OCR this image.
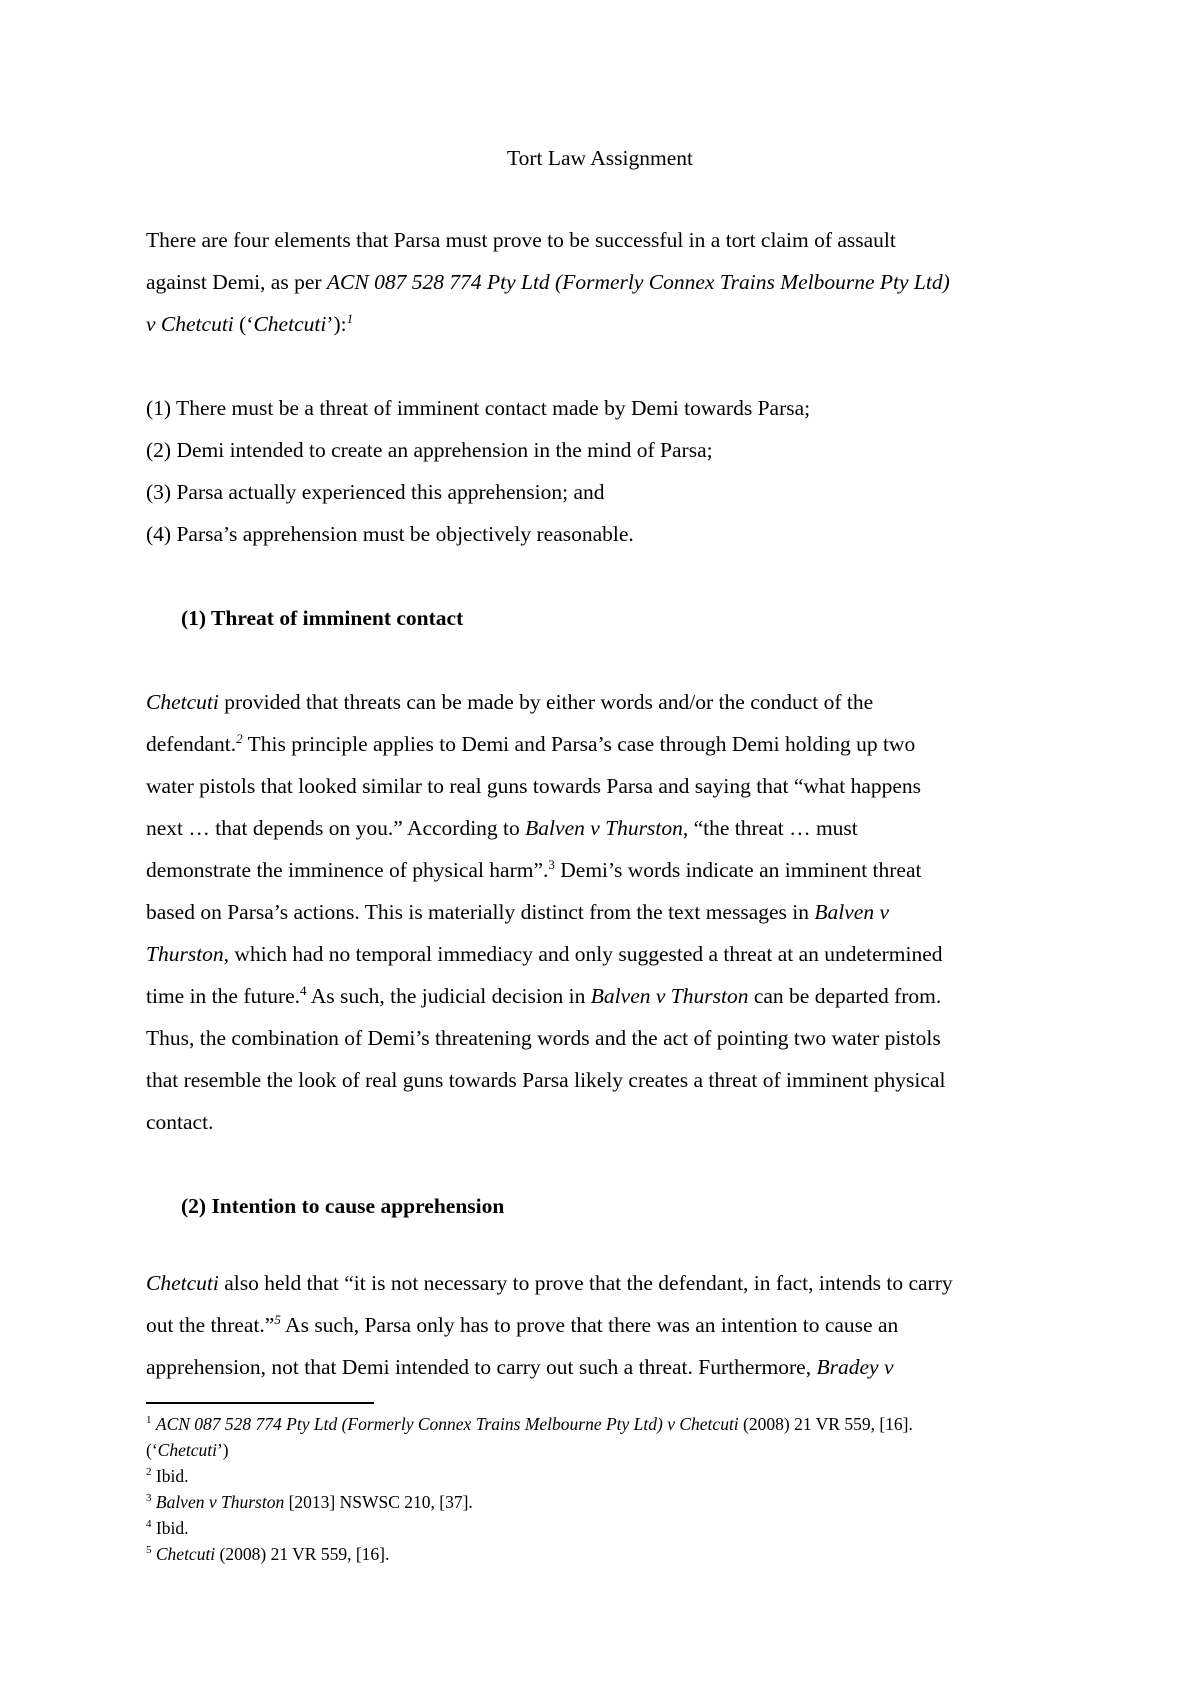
Tort Law Assignment
There are four elements that Parsa must prove to be successful in a tort claim of assault
against Demi, as per ACN 087 528 774 Pty Ltd (Formerly Connex Trains Melbourne Pty Ltd)
v Chetcuti (‘Chetcuti’):$^1$
(1) There must be a threat of imminent contact made by Demi towards Parsa;
(2) Demi intended to create an apprehension in the mind of Parsa;
(3) Parsa actually experienced this apprehension; and
(4) Parsa’s apprehension must be objectively reasonable.
(1) Threat of imminent contact
Chetcuti provided that threats can be made by either words and/or the conduct of the
defendant.$^2$ This principle applies to Demi and Parsa’s case through Demi holding up two
water pistols that looked similar to real guns towards Parsa and saying that “what happens
next … that depends on you.” According to Balven v Thurston, “the threat … must
demonstrate the imminence of physical harm”.$^3$ Demi’s words indicate an imminent threat
based on Parsa’s actions. This is materially distinct from the text messages in Balven v
Thurston, which had no temporal immediacy and only suggested a threat at an undetermined
time in the future.$^4$ As such, the judicial decision in Balven v Thurston can be departed from.
Thus, the combination of Demi’s threatening words and the act of pointing two water pistols
that resemble the look of real guns towards Parsa likely creates a threat of imminent physical
contact.
(2) Intention to cause apprehension
Chetcuti also held that “it is not necessary to prove that the defendant, in fact, intends to carry
out the threat.”$^5$ As such, Parsa only has to prove that there was an intention to cause an
apprehension, not that Demi intended to carry out such a threat. Furthermore, Bradey v
$^1$ ACN 087 528 774 Pty Ltd (Formerly Connex Trains Melbourne Pty Ltd) v Chetcuti (2008) 21 VR 559, [16].
(‘Chetcuti’)
$^2$ Ibid.
$^3$ Balven v Thurston [2013] NSWSC 210, [37].
$^4$ Ibid.
$^5$ Chetcuti (2008) 21 VR 559, [16].
